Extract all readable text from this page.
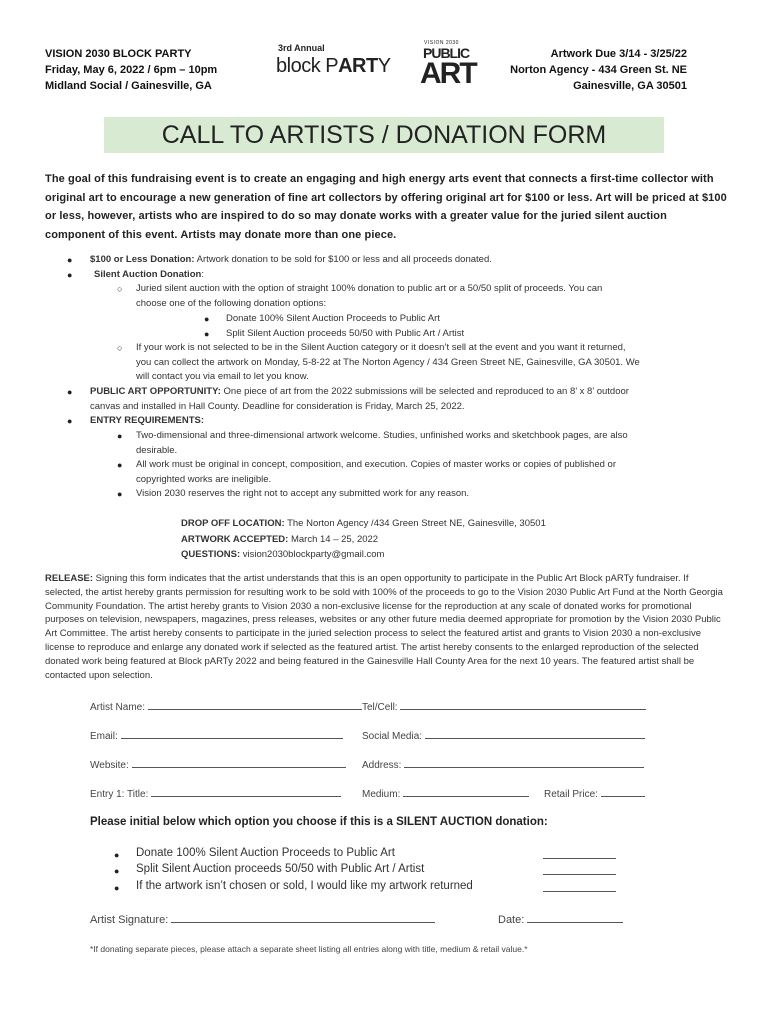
VISION 2030 BLOCK PARTY
Friday, May 6, 2022 / 6pm – 10pm
Midland Social / Gainesville, GA
3rd Annual
block PARTY
VISION 2030
PUBLIC
ART
Artwork Due 3/14 - 3/25/22
Norton Agency - 434 Green St. NE
Gainesville, GA 30501
CALL TO ARTISTS / DONATION FORM
The goal of this fundraising event is to create an engaging and high energy arts event that connects a first-time collector with original art to encourage a new generation of fine art collectors by offering original art for $100 or less. Art will be priced at $100 or less, however, artists who are inspired to do so may donate works with a greater value for the juried silent auction component of this event. Artists may donate more than one piece.
● $100 or Less Donation: Artwork donation to be sold for $100 or less and all proceeds donated.
● Silent Auction Donation:
○ Juried silent auction with the option of straight 100% donation to public art or a 50/50 split of proceeds. You can
choose one of the following donation options:
● Donate 100% Silent Auction Proceeds to Public Art
● Split Silent Auction proceeds 50/50 with Public Art / Artist
○ If your work is not selected to be in the Silent Auction category or it doesn’t sell at the event and you want it returned,
you can collect the artwork on Monday, 5-8-22 at The Norton Agency / 434 Green Street NE, Gainesville, GA 30501. We
will contact you via email to let you know.
● PUBLIC ART OPPORTUNITY: One piece of art from the 2022 submissions will be selected and reproduced to an 8’ x 8’ outdoor
canvas and installed in Hall County. Deadline for consideration is Friday, March 25, 2022.
● ENTRY REQUIREMENTS:
● Two-dimensional and three-dimensional artwork welcome. Studies, unfinished works and sketchbook pages, are also
desirable.
● All work must be original in concept, composition, and execution. Copies of master works or copies of published or
copyrighted works are ineligible.
● Vision 2030 reserves the right not to accept any submitted work for any reason.
DROP OFF LOCATION: The Norton Agency /434 Green Street NE, Gainesville, 30501
ARTWORK ACCEPTED: March 14 – 25, 2022
QUESTIONS: vision2030blockparty@gmail.com
RELEASE: Signing this form indicates that the artist understands that this is an open opportunity to participate in the Public Art Block pARTy fundraiser. If selected, the artist hereby grants permission for resulting work to be sold with 100% of the proceeds to go to the Vision 2030 Public Art Fund at the North Georgia Community Foundation. The artist hereby grants to Vision 2030 a non-exclusive license for the reproduction at any scale of donated works for promotional purposes on television, newspapers, magazines, press releases, websites or any other future media deemed appropriate for promotion by the Vision 2030 Public Art Committee. The artist hereby consents to participate in the juried selection process to select the featured artist and grants to Vision 2030 a non-exclusive license to reproduce and enlarge any donated work if selected as the featured artist. The artist hereby consents to the enlarged reproduction of the selected donated work being featured at Block pARTy 2022 and being featured in the Gainesville Hall County Area for the next 10 years. The featured artist shall be contacted upon selection.
Artist Name:	Tel/Cell:
Email:	Social Media:
Website:	Address:
Entry 1: Title:	Medium:	Retail Price:
Please initial below which option you choose if this is a SILENT AUCTION donation:
● Donate 100% Silent Auction Proceeds to Public Art
● Split Silent Auction proceeds 50/50 with Public Art / Artist
● If the artwork isn’t chosen or sold, I would like my artwork returned
Artist Signature:	Date:
*If donating separate pieces, please attach a separate sheet listing all entries along with title, medium & retail value.*
